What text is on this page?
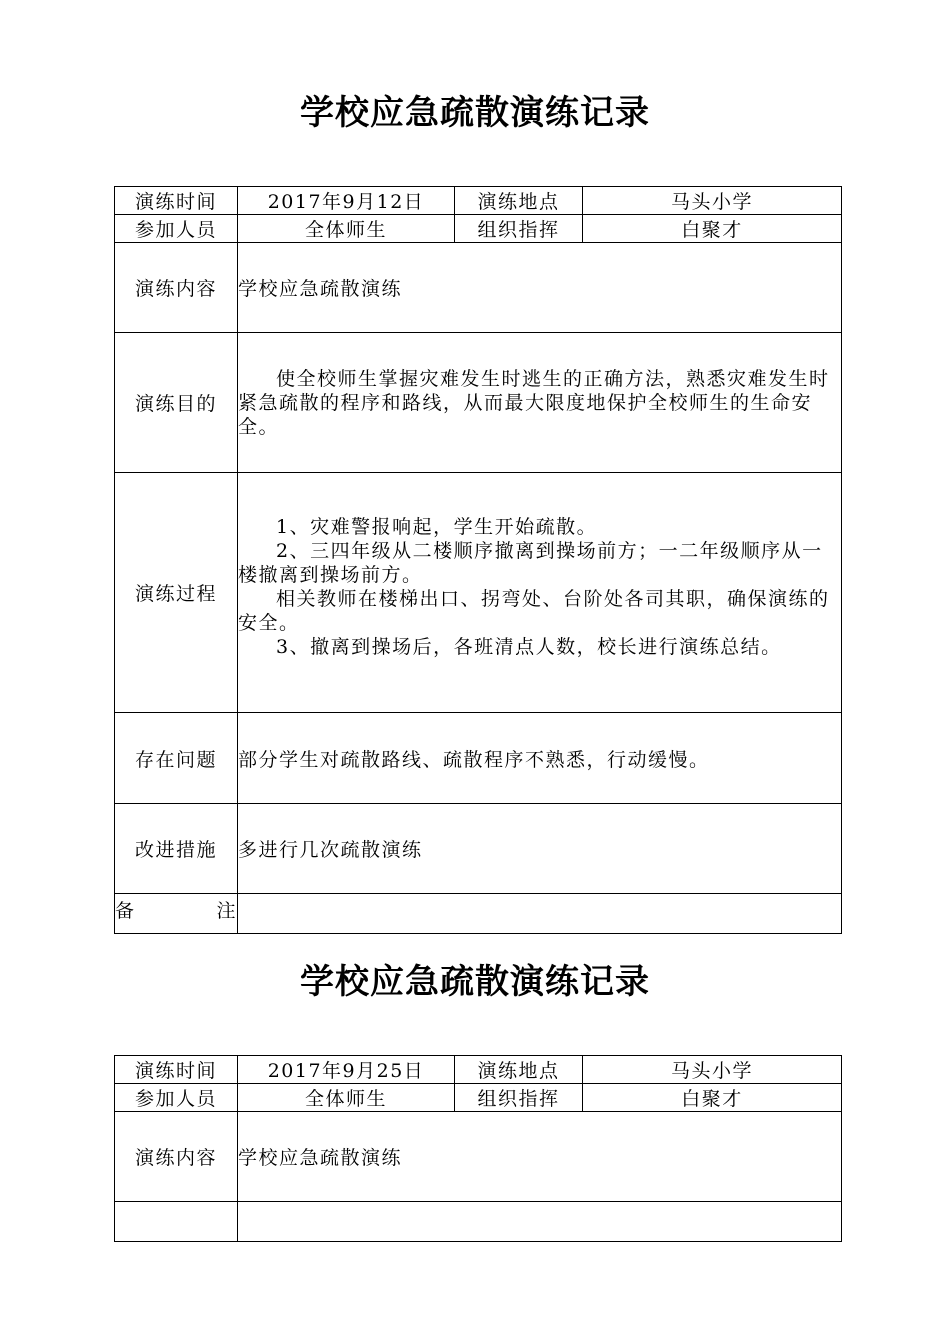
学校应急疏散演练记录
演练时间	2017年9月12日	演练地点	马头小学
参加人员	全体师生	组织指挥	白聚才
演练内容	学校应急疏散演练		
演练目的	使全校师生掌握灾难发生时逃生的正确方法，熟悉灾难发生时紧急疏散的程序和路线，从而最大限度地保护全校师生的生命安全。		

演练过程	1、灾难警报响起，学生开始疏散。

2、三四年级从二楼顺序撤离到操场前方；一二年级顺序从一楼撤离到操场前方。

相关教师在楼梯出口、拐弯处、台阶处各司其职，确保演练的安全。

3、撤离到操场后，各班清点人数，校长进行演练总结。		

存在问题	部分学生对疏散路线、疏散程序不熟悉，行动缓慢。		
改进措施	多进行几次疏散演练		
备 注			
学校应急疏散演练记录
演练时间	2017年9月25日	演练地点	马头小学
参加人员	全体师生	组织指挥	白聚才
演练内容	学校应急疏散演练		
